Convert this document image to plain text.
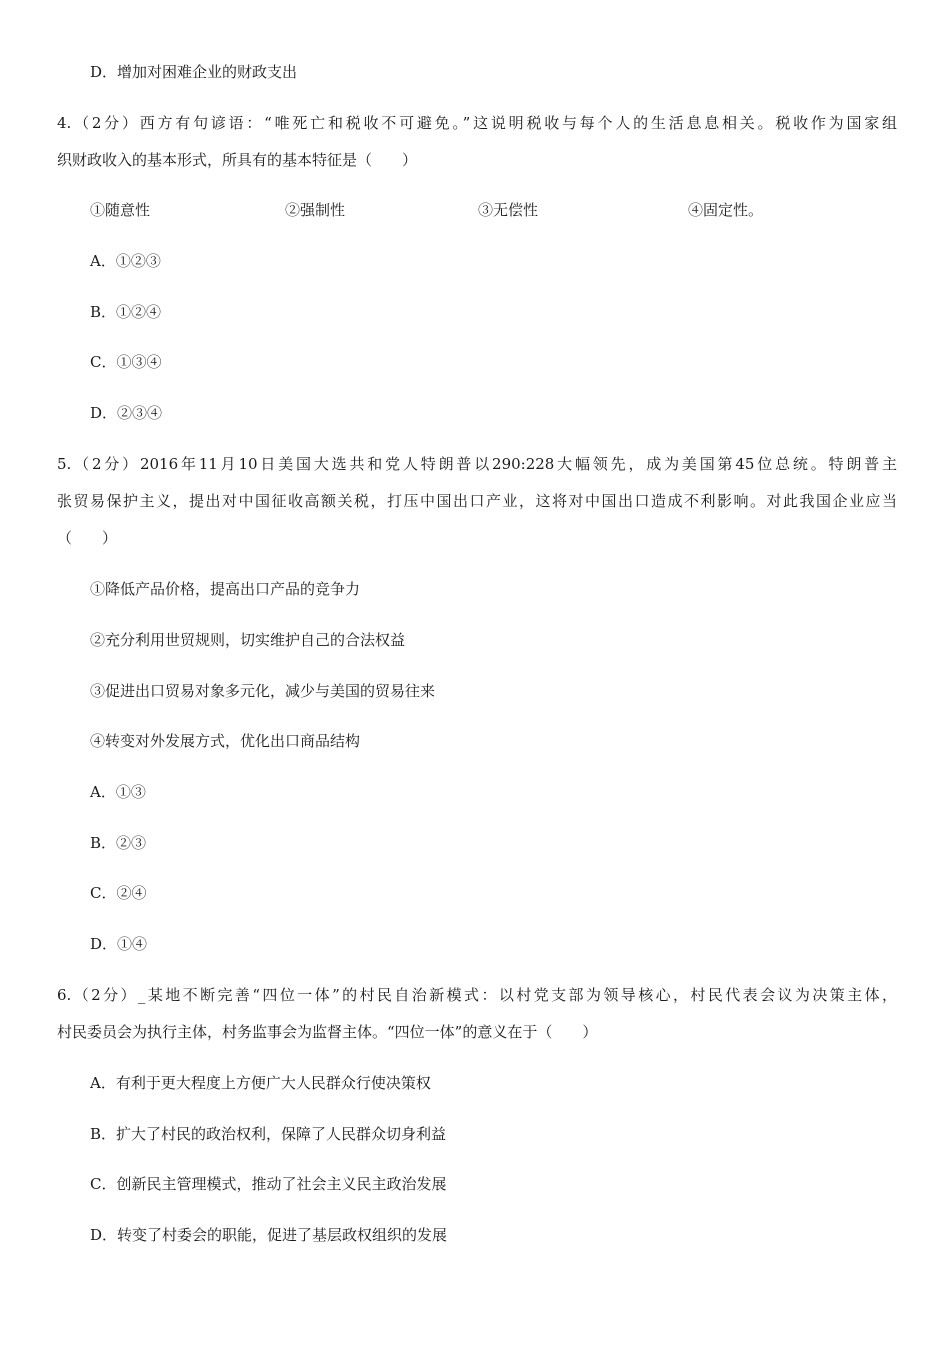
D．增加对困难企业的财政支出
4.（2分）西方有句谚语：“唯死亡和税收不可避免。”这说明税收与每个人的生活息息相关。税收作为国家组
织财政收入的基本形式，所具有的基本特征是（　　）
①随意性	②强制性	③无偿性	④固定性。
A．①②③
B．①②④
C．①③④
D．②③④
5.（2分）2016年11月10日美国大选共和党人特朗普以290:228大幅领先，成为美国第45位总统。特朗普主
张贸易保护主义，提出对中国征收高额关税，打压中国出口产业，这将对中国出口造成不利影响。对此我国企业应当
（　　）
①降低产品价格，提高出口产品的竞争力
②充分利用世贸规则，切实维护自己的合法权益
③促进出口贸易对象多元化，减少与美国的贸易往来
④转变对外发展方式，优化出口商品结构
A．①③
B．②③
C．②④
D．①④
6.（2分）_某地不断完善“四位一体”的村民自治新模式：以村党支部为领导核心，村民代表会议为决策主体，
村民委员会为执行主体，村务监事会为监督主体。“四位一体”的意义在于（　　）
A．有利于更大程度上方便广大人民群众行使决策权
B．扩大了村民的政治权利，保障了人民群众切身利益
C．创新民主管理模式，推动了社会主义民主政治发展
D．转变了村委会的职能，促进了基层政权组织的发展
